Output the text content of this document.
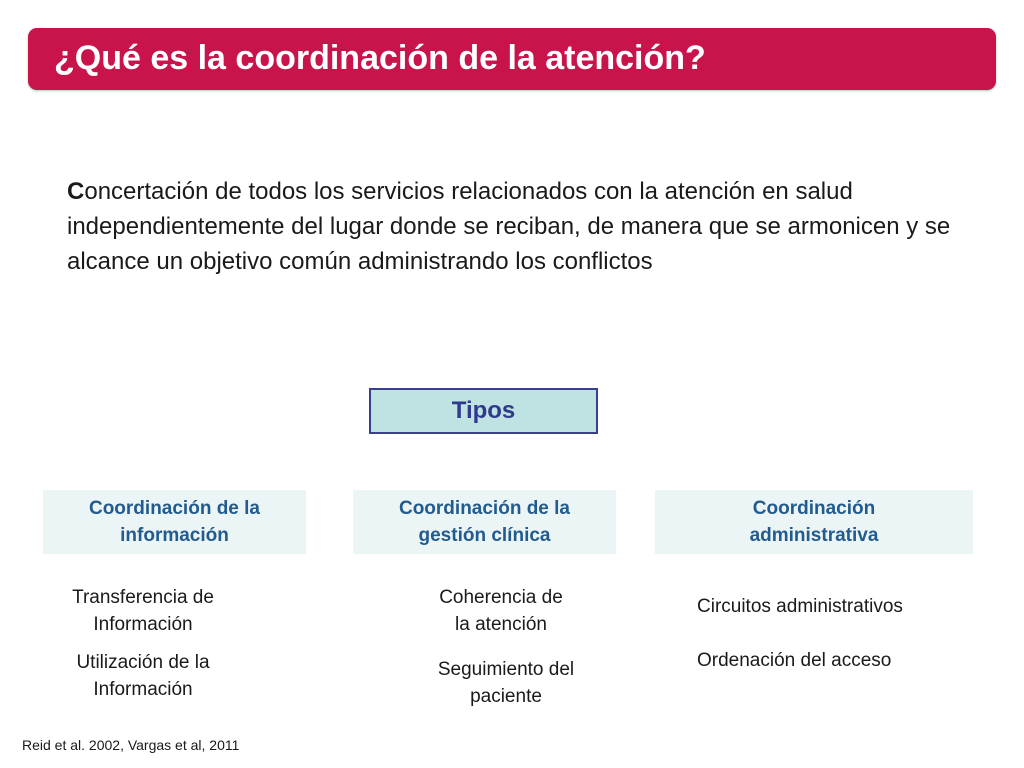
¿Qué es la coordinación de la atención?
Concertación de todos los servicios relacionados con la atención en salud independientemente del lugar donde se reciban, de manera que se armonicen y se alcance un objetivo común administrando los conflictos
Tipos
Coordinación de la
información
Transferencia de
Información
Utilización de la
Información
Coordinación de la
gestión clínica
Coherencia de
la atención
Seguimiento del
paciente
Coordinación
administrativa
Circuitos administrativos
Ordenación del acceso
Reid et al. 2002, Vargas et al, 2011
